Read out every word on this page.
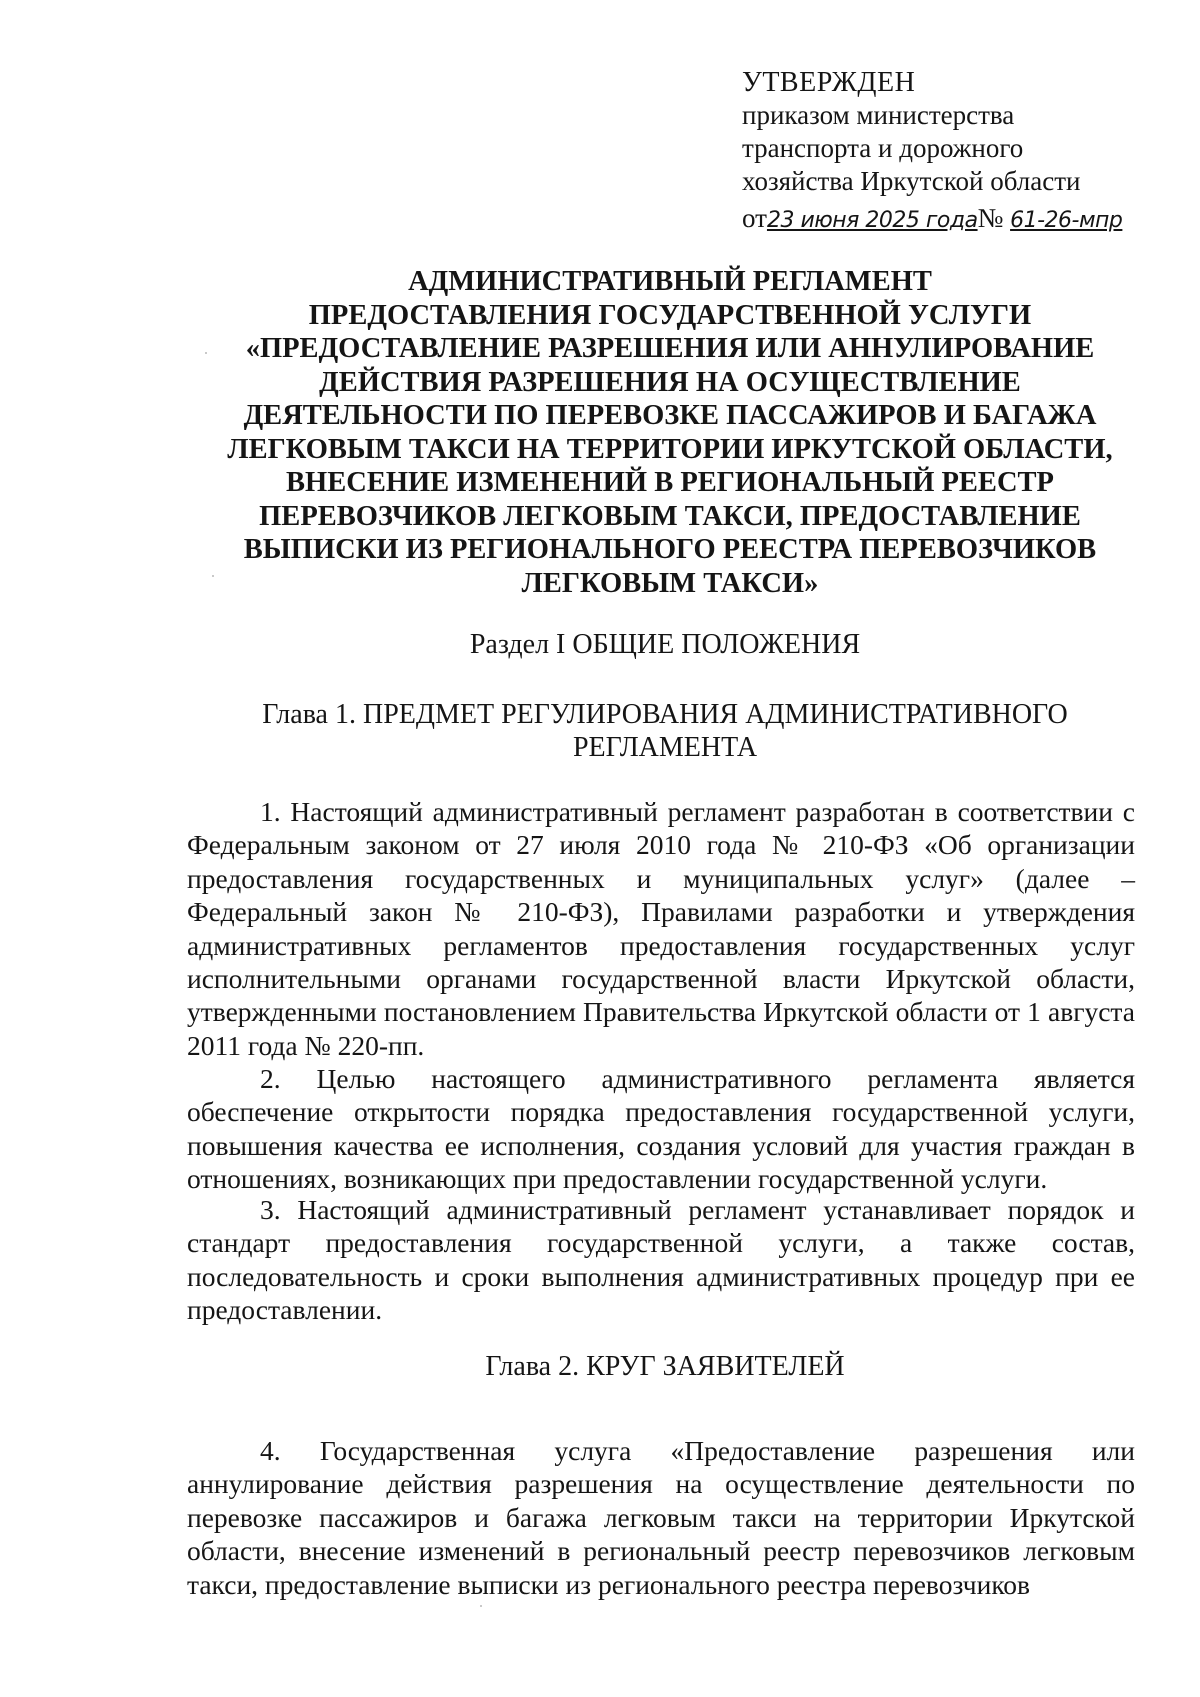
УТВЕРЖДЕН
приказом министерства
транспорта и дорожного
хозяйства Иркутской области
от23 июня 2025 года№ 61-26-мпр
АДМИНИСТРАТИВНЫЙ РЕГЛАМЕНТ
ПРЕДОСТАВЛЕНИЯ ГОСУДАРСТВЕННОЙ УСЛУГИ
«ПРЕДОСТАВЛЕНИЕ РАЗРЕШЕНИЯ ИЛИ АННУЛИРОВАНИЕ
ДЕЙСТВИЯ РАЗРЕШЕНИЯ НА ОСУЩЕСТВЛЕНИЕ
ДЕЯТЕЛЬНОСТИ ПО ПЕРЕВОЗКЕ ПАССАЖИРОВ И БАГАЖА
ЛЕГКОВЫМ ТАКСИ НА ТЕРРИТОРИИ ИРКУТСКОЙ ОБЛАСТИ,
ВНЕСЕНИЕ ИЗМЕНЕНИЙ В РЕГИОНАЛЬНЫЙ РЕЕСТР
ПЕРЕВОЗЧИКОВ ЛЕГКОВЫМ ТАКСИ, ПРЕДОСТАВЛЕНИЕ
ВЫПИСКИ ИЗ РЕГИОНАЛЬНОГО РЕЕСТРА ПЕРЕВОЗЧИКОВ
ЛЕГКОВЫМ ТАКСИ»
Раздел I ОБЩИЕ ПОЛОЖЕНИЯ
Глава 1. ПРЕДМЕТ РЕГУЛИРОВАНИЯ АДМИНИСТРАТИВНОГО РЕГЛАМЕНТА

1. Настоящий административный регламент разработан в соответствии с Федеральным законом от 27 июля 2010 года № 210-ФЗ «Об организации предоставления государственных и муниципальных услуг» (далее – Федеральный закон № 210-ФЗ), Правилами разработки и утверждения административных регламентов предоставления государственных услуг исполнительными органами государственной власти Иркутской области, утвержденными постановлением Правительства Иркутской области от 1 августа 2011 года № 220-пп.

2. Целью настоящего административного регламента является обеспечение открытости порядка предоставления государственной услуги, повышения качества ее исполнения, создания условий для участия граждан в отношениях, возникающих при предоставлении государственной услуги.

3. Настоящий административный регламент устанавливает порядок и стандарт предоставления государственной услуги, а также состав, последовательность и сроки выполнения административных процедур при ее предоставлении.

Глава 2. КРУГ ЗАЯВИТЕЛЕЙ

4. Государственная услуга «Предоставление разрешения или аннулирование действия разрешения на осуществление деятельности по перевозке пассажиров и багажа легковым такси на территории Иркутской области, внесение изменений в региональный реестр перевозчиков легковым такси, предоставление выписки из регионального реестра перевозчиков
